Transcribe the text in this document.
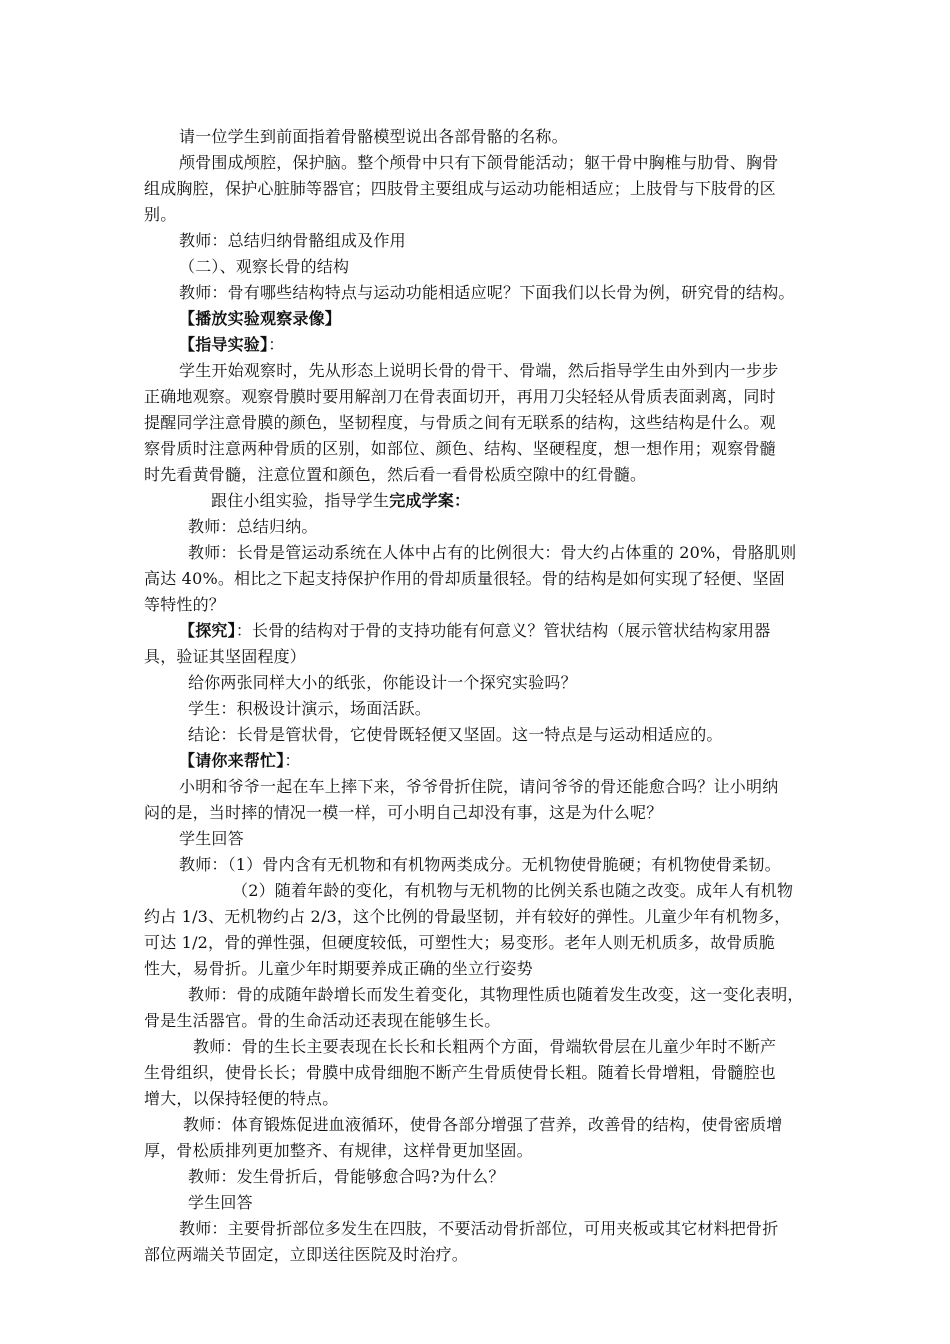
请一位学生到前面指着骨骼模型说出各部骨骼的名称。
颅骨围成颅腔，保护脑。整个颅骨中只有下颌骨能活动；躯干骨中胸椎与肋骨、胸骨
组成胸腔，保护心脏肺等器官；四肢骨主要组成与运动功能相适应；上肢骨与下肢骨的区
别。
教师：总结归纳骨骼组成及作用
（二）、观察长骨的结构
教师：骨有哪些结构特点与运动功能相适应呢？下面我们以长骨为例，研究骨的结构。
【播放实验观察录像】
【指导实验】：
学生开始观察时，先从形态上说明长骨的骨干、骨端，然后指导学生由外到内一步步
正确地观察。观察骨膜时要用解剖刀在骨表面切开，再用刀尖轻轻从骨质表面剥离，同时
提醒同学注意骨膜的颜色，坚韧程度，与骨质之间有无联系的结构，这些结构是什么。观
察骨质时注意两种骨质的区别，如部位、颜色、结构、坚硬程度，想一想作用；观察骨髓
时先看黄骨髓，注意位置和颜色，然后看一看骨松质空隙中的红骨髓。
跟住小组实验，指导学生完成学案：
教师：总结归纳。
教师：长骨是管运动系统在人体中占有的比例很大：骨大约占体重的 20%，骨胳肌则
高达 40%。相比之下起支持保护作用的骨却质量很轻。骨的结构是如何实现了轻便、坚固
等特性的？
【探究】：长骨的结构对于骨的支持功能有何意义？管状结构（展示管状结构家用器
具，验证其坚固程度）
给你两张同样大小的纸张，你能设计一个探究实验吗？
学生：积极设计演示，场面活跃。
结论：长骨是管状骨，它使骨既轻便又坚固。这一特点是与运动相适应的。
【请你来帮忙】：
小明和爷爷一起在车上摔下来，爷爷骨折住院，请问爷爷的骨还能愈合吗？让小明纳
闷的是，当时摔的情况一模一样，可小明自己却没有事，这是为什么呢？
学生回答
教师：（1）骨内含有无机物和有机物两类成分。无机物使骨脆硬；有机物使骨柔韧。
（2）随着年龄的变化，有机物与无机物的比例关系也随之改变。成年人有机物
约占 1/3、无机物约占 2/3，这个比例的骨最坚韧，并有较好的弹性。儿童少年有机物多，
可达 1/2，骨的弹性强，但硬度较低，可塑性大；易变形。老年人则无机质多，故骨质脆
性大，易骨折。儿童少年时期要养成正确的坐立行姿势
教师：骨的成随年龄增长而发生着变化，其物理性质也随着发生改变，这一变化表明，
骨是生活器官。骨的生命活动还表现在能够生长。
教师：骨的生长主要表现在长长和长粗两个方面，骨端软骨层在儿童少年时不断产
生骨组织，使骨长长；骨膜中成骨细胞不断产生骨质使骨长粗。随着长骨增粗，骨髓腔也
增大，以保持轻便的特点。
教师：体育锻炼促进血液循环，使骨各部分增强了营养，改善骨的结构，使骨密质增
厚，骨松质排列更加整齐、有规律，这样骨更加坚固。
教师：发生骨折后，骨能够愈合吗?为什么？
学生回答
教师：主要骨折部位多发生在四肢，不要活动骨折部位，可用夹板或其它材料把骨折
部位两端关节固定，立即送往医院及时治疗。
